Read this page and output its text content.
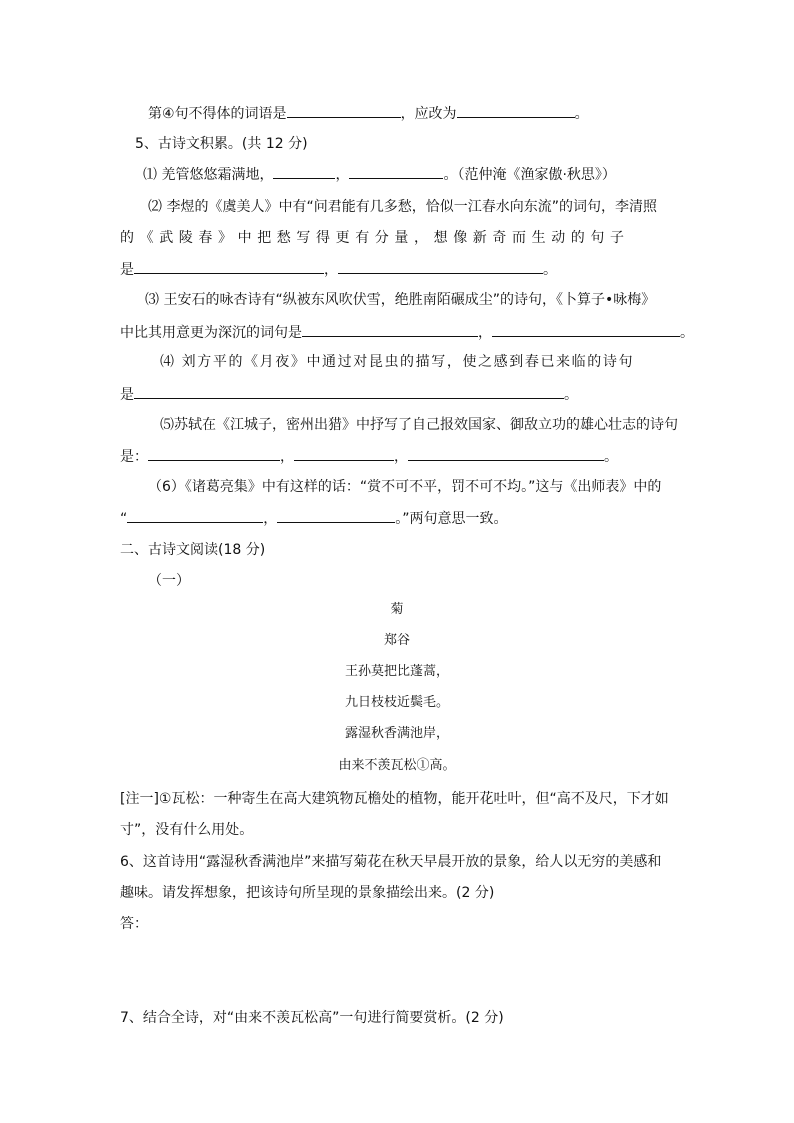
第④句不得体的词语是	，应改为	。
5、古诗文积累。(共 12 分)
⑴ 羌管悠悠霜满地，	，	。（范仲淹《渔家傲·秋思》）
⑵ 李煜的《虞美人》中有“问君能有几多愁，恰似一江春水向东流”的词句，李清照
的《武陵春》中把愁写得更有分量，想像新奇而生动的句子
是	，	。
⑶ 王安石的咏杏诗有“纵被东风吹伏雪，绝胜南陌碾成尘”的诗句，《卜算子•咏梅》
中比其用意更为深沉的词句是	，	。
⑷ 刘方平的《月夜》中通过对昆虫的描写，使之感到春已来临的诗句
是	。
⑸苏轼在《江城子，密州出猎》中抒写了自己报效国家、御敌立功的雄心壮志的诗句
是：	，	，	。
（6）《诸葛亮集》中有这样的话：“赏不可不平，罚不可不均。”这与《出师表》中的
“	，	。”两句意思一致。
二、古诗文阅读(18 分)
（一）
菊
郑谷
王孙莫把比蓬蒿，
九日枝枝近鬓毛。
露湿秋香满池岸，
由来不羡瓦松①高。
[注一]①瓦松：一种寄生在高大建筑物瓦檐处的植物，能开花吐叶，但“高不及尺，下才如
寸”，没有什么用处。
6、这首诗用“露湿秋香满池岸”来描写菊花在秋天早晨开放的景象，给人以无穷的美感和
趣味。请发挥想象，把该诗句所呈现的景象描绘出来。(2 分)
答：
7、结合全诗，对“由来不羡瓦松高”一句进行简要赏析。(2 分)
